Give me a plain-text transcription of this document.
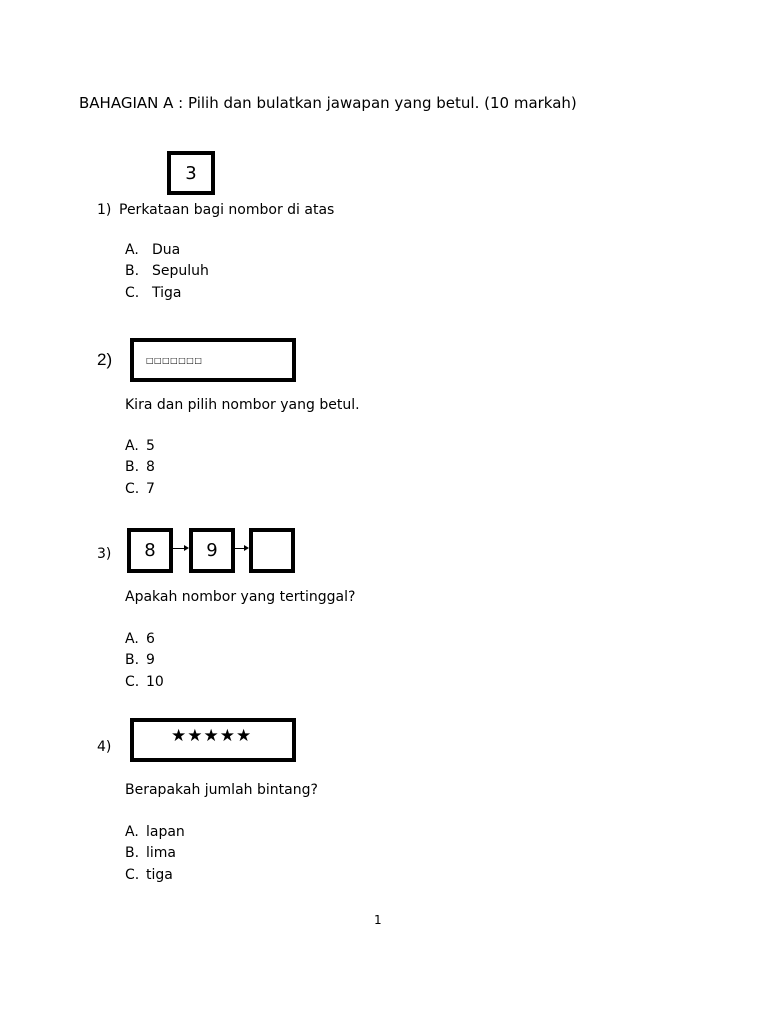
BAHAGIAN A : Pilih dan bulatkan jawapan yang betul. (10 markah)
3
1) Perkataan bagi nombor di atas
A. Dua
B. Sepuluh
C. Tiga
2)	□□□□□□□
Kira dan pilih nombor yang betul.
A. 5
B. 8
C. 7
3) 8	9
Apakah nombor yang tertinggal?
A. 6
B. 9
C. 10
4)
★★★★★
Berapakah jumlah bintang?
A. lapan
B. lima
C. tiga
1
